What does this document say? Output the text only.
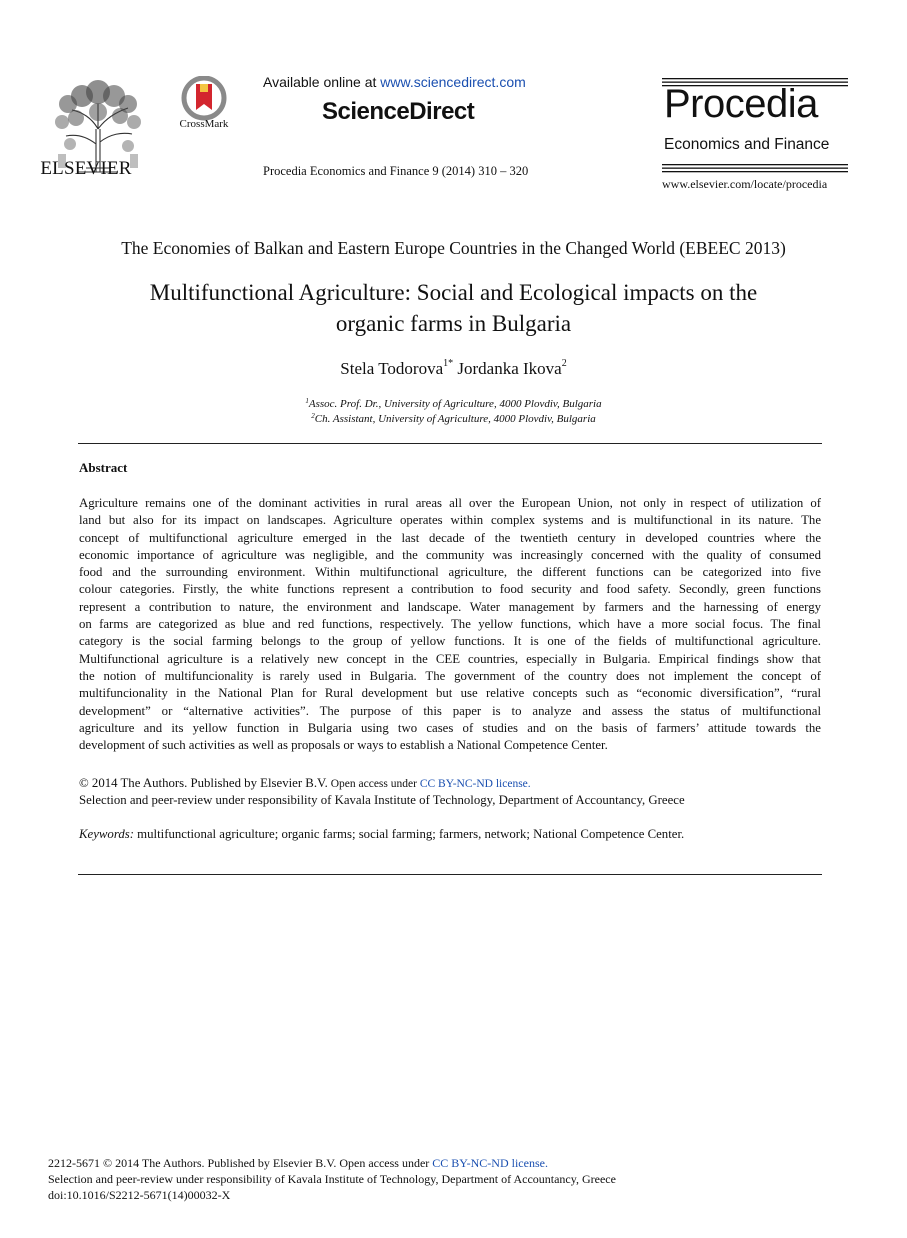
ELSEVIER
CrossMark
Available online at www.sciencedirect.com
ScienceDirect
Procedia Economics and Finance 9 (2014) 310 – 320
Procedia
Economics and Finance
www.elsevier.com/locate/procedia
The Economies of Balkan and Eastern Europe Countries in the Changed World (EBEEC 2013)
Multifunctional Agriculture: Social and Ecological impacts on the
organic farms in Bulgaria
Stela Todorova$^{1*}$ Jordanka Ikova$^2$
$^1$Assoc. Prof. Dr., University of Agriculture, 4000 Plovdiv, Bulgaria
$^2$Ch. Assistant, University of Agriculture, 4000 Plovdiv, Bulgaria
Abstract
Agriculture remains one of the dominant activities in rural areas all over the European Union, not only in respect of utilization of
land but also for its impact on landscapes. Agriculture operates within complex systems and is multifunctional in its nature. The
concept of multifunctional agriculture emerged in the last decade of the twentieth century in developed countries where the
economic importance of agriculture was negligible, and the community was increasingly concerned with the quality of consumed
food and the surrounding environment. Within multifunctional agriculture, the different functions can be categorized into five
colour categories. Firstly, the white functions represent a contribution to food security and food safety. Secondly, green functions
represent a contribution to nature, the environment and landscape. Water management by farmers and the harnessing of energy
on farms are categorized as blue and red functions, respectively. The yellow functions, which have a more social focus. The final
category is the social farming belongs to the group of yellow functions. It is one of the fields of multifunctional agriculture.
Multifunctional agriculture is a relatively new concept in the CEE countries, especially in Bulgaria. Empirical findings show that
the notion of multifuncionality is rarely used in Bulgaria. The government of the country does not implement the concept of
multifuncionality in the National Plan for Rural development but use relative concepts such as “economic diversification”, “rural
development” or “alternative activities”. The purpose of this paper is to analyze and assess the status of multifunctional
agriculture and its yellow function in Bulgaria using two cases of studies and on the basis of farmers’ attitude towards the
development of such activities as well as proposals or ways to establish a National Competence Center.
© 2014 The Authors. Published by Elsevier B.V. Open access under CC BY-NC-ND license.
Selection and peer-review under responsibility of Kavala Institute of Technology, Department of Accountancy, Greece
Keywords: multifunctional agriculture; organic farms; social farming; farmers, network; National Competence Center.
2212-5671 © 2014 The Authors. Published by Elsevier B.V. Open access under CC BY-NC-ND license.
Selection and peer-review under responsibility of Kavala Institute of Technology, Department of Accountancy, Greece
doi:10.1016/S2212-5671(14)00032-X
